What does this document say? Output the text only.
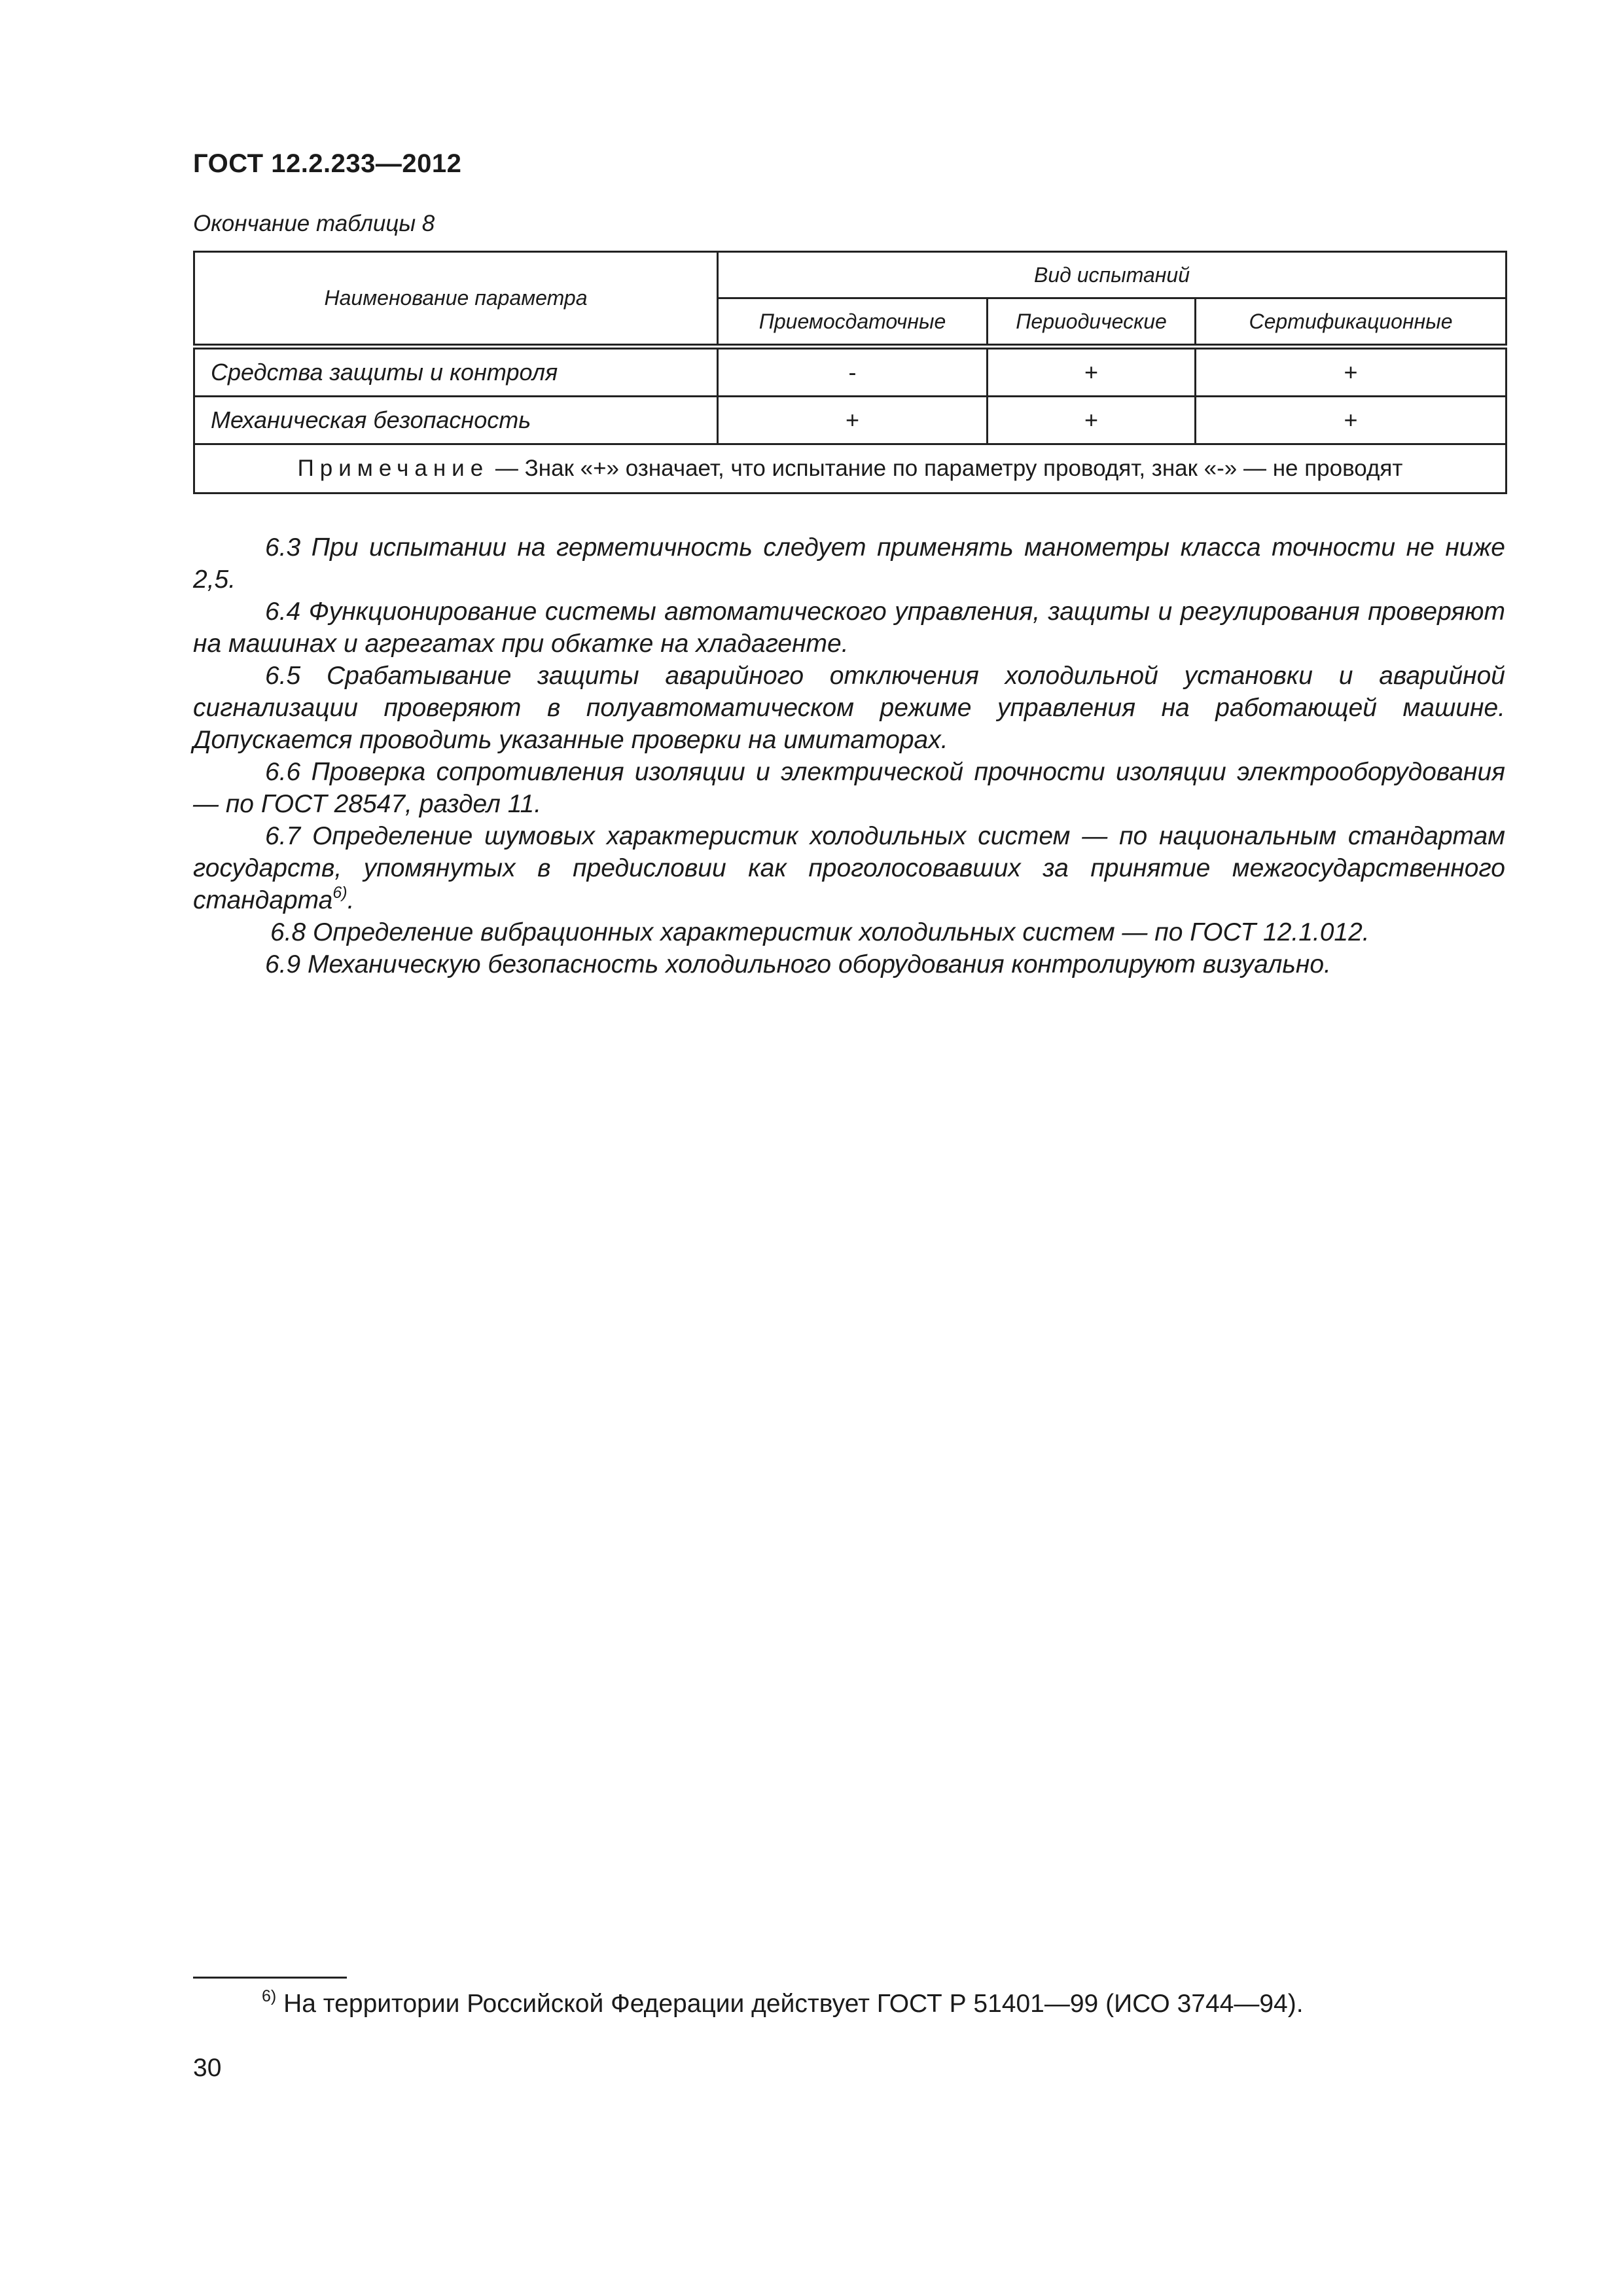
ГОСТ 12.2.233—2012
Окончание таблицы 8
Наименование параметра	Вид испытаний		
	Приемосдаточные	Периодические	Сертификационные
Средства защиты и контроля	-	+	+
Механическая безопасность	+	+	+
Примечание — Знак «+» означает, что испытание по параметру проводят, знак «-» — не проводят			

6.3 При испытании на герметичность следует применять манометры класса точности не ниже 2,5.

6.4 Функционирование системы автоматического управления, защиты и регулирования проверяют на машинах и агрегатах при обкатке на хладагенте.

6.5 Срабатывание защиты аварийного отключения холодильной установки и аварийной сигнализации проверяют в полуавтоматическом режиме управления на работающей машине. Допускается проводить указанные проверки на имитаторах.

6.6 Проверка сопротивления изоляции и электрической прочности изоляции электрооборудования — по ГОСТ 28547, раздел 11.

6.7 Определение шумовых характеристик холодильных систем — по национальным стандартам государств, упомянутых в предисловии как проголосовавших за принятие межгосударственного стандарта$^{6)}$.

6.8 Определение вибрационных характеристик холодильных систем — по ГОСТ 12.1.012.

6.9 Механическую безопасность холодильного оборудования контролируют визуально.

$^{6)}$ На территории Российской Федерации действует ГОСТ Р 51401—99 (ИСО 3744—94).
30
